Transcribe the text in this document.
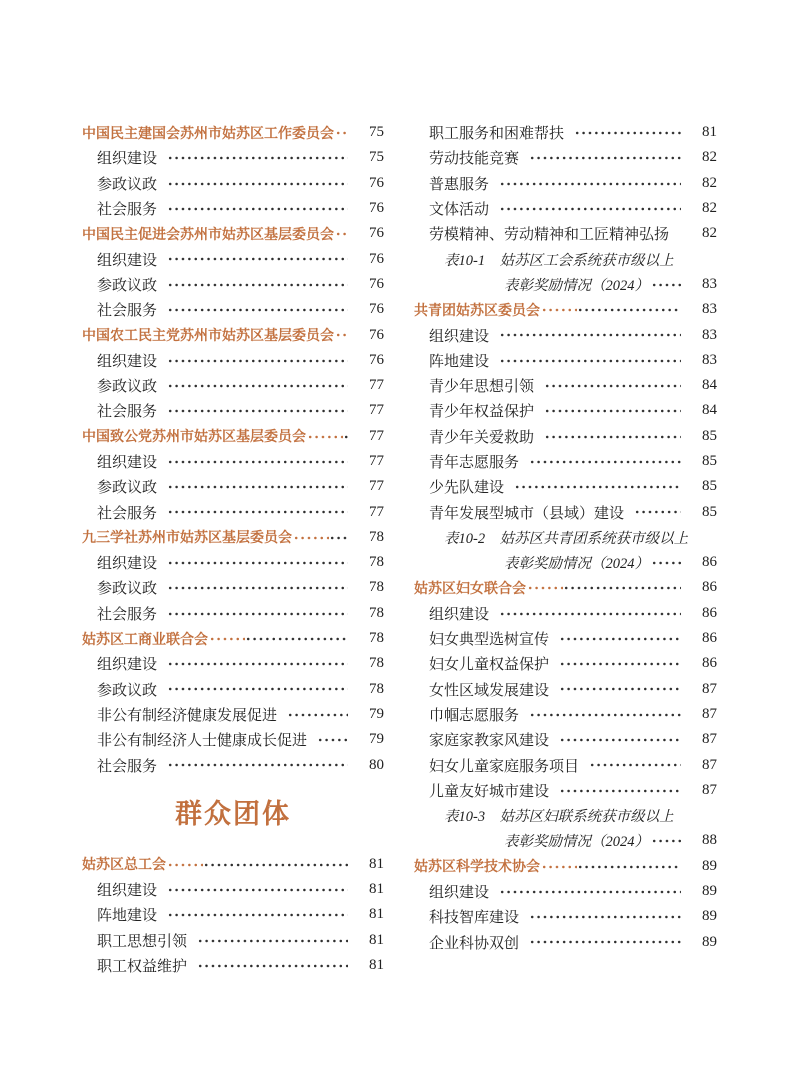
中国民主建国会苏州市姑苏区工作委员会	75
组织建设	75
参政议政	76
社会服务	76
中国民主促进会苏州市姑苏区基层委员会	76
组织建设	76
参政议政	76
社会服务	76
中国农工民主党苏州市姑苏区基层委员会	76
组织建设	76
参政议政	77
社会服务	77
中国致公党苏州市姑苏区基层委员会	77
组织建设	77
参政议政	77
社会服务	77
九三学社苏州市姑苏区基层委员会	78
组织建设	78
参政议政	78
社会服务	78
姑苏区工商业联合会	78
组织建设	78
参政议政	78
非公有制经济健康发展促进	79
非公有制经济人士健康成长促进	79
社会服务	80
群众团体
姑苏区总工会	81
组织建设	81
阵地建设	81
职工思想引领	81
职工权益维护	81
职工服务和困难帮扶	81
劳动技能竞赛	82
普惠服务	82
文体活动	82
劳模精神、劳动精神和工匠精神弘扬	82
表10-1　姑苏区工会系统获市级以上
表彰奖励情况（2024）	83
共青团姑苏区委员会	83
组织建设	83
阵地建设	83
青少年思想引领	84
青少年权益保护	84
青少年关爱救助	85
青年志愿服务	85
少先队建设	85
青年发展型城市（县域）建设	85
表10-2　姑苏区共青团系统获市级以上
表彰奖励情况（2024）	86
姑苏区妇女联合会	86
组织建设	86
妇女典型选树宣传	86
妇女儿童权益保护	86
女性区域发展建设	87
巾帼志愿服务	87
家庭家教家风建设	87
妇女儿童家庭服务项目	87
儿童友好城市建设	87
表10-3　姑苏区妇联系统获市级以上
表彰奖励情况（2024）	88
姑苏区科学技术协会	89
组织建设	89
科技智库建设	89
企业科协双创	89
